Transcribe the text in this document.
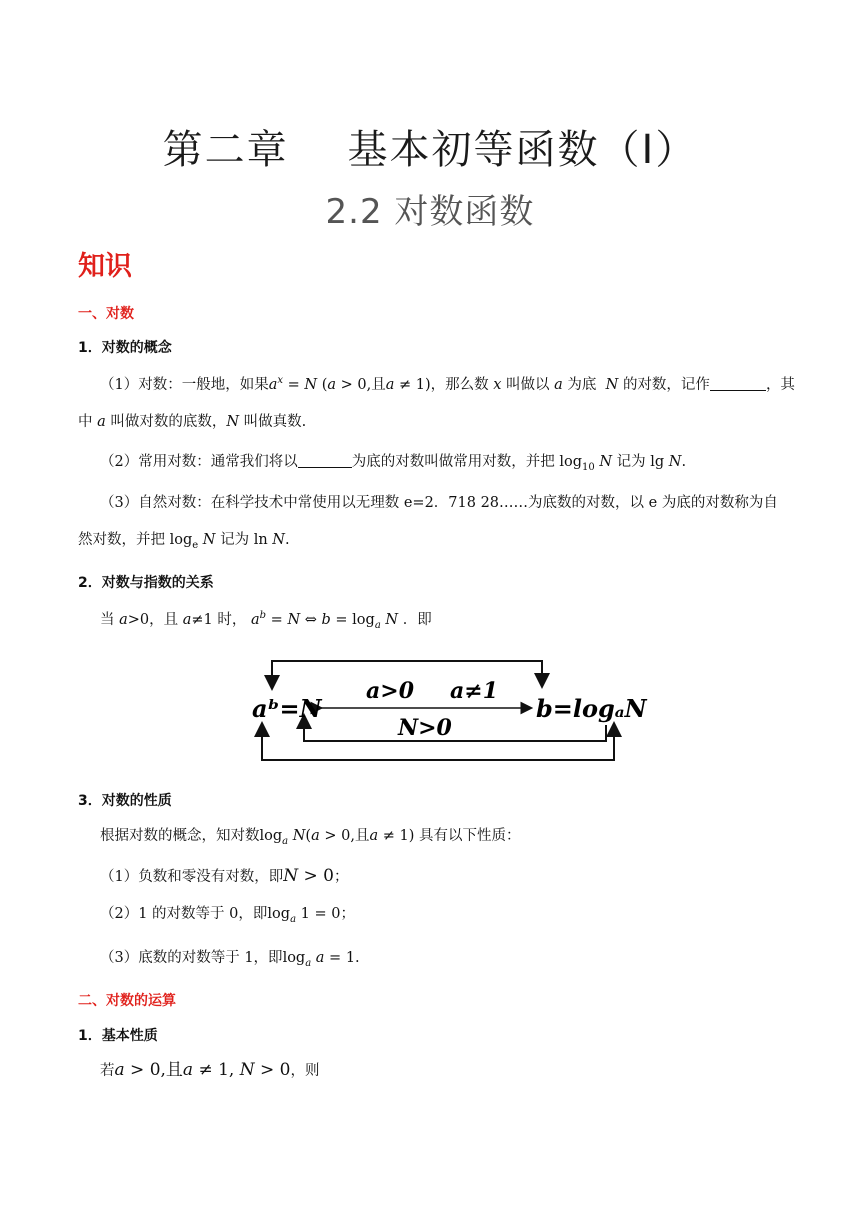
第二章    基本初等函数（Ⅰ）
2.2 对数函数
知识
一、对数
1．对数的概念
（1）对数：一般地，如果$a^x = N$ (a > 0,且a ≠ 1)，那么数 x 叫做以 a 为底 N 的对数，记作	，其
中 a 叫做对数的底数，N 叫做真数.
（2）常用对数：通常我们将以	为底的对数叫做常用对数，并把 $\log_{10} N$ 记为 lg N.
（3）自然对数：在科学技术中常使用以无理数 e=2．718 28……为底数的对数，以 e 为底的对数称为自
然对数，并把 $\log_e N$ 记为 ln N.
2．对数与指数的关系
当 a>0，且 a≠1 时， $a^b = N$ ⇔ $b = \log_a N$ ．即
aᵇ=N	b=logₐN
a>0 a≠1
N>0
3．对数的性质
根据对数的概念，知对数$\log_a N(a > 0$,且a ≠ 1) 具有以下性质：
（1）负数和零没有对数，即N > 0；
（2）1 的对数等于 0，即$\log_a 1 = 0$；
（3）底数的对数等于 1，即$\log_a a = 1$.
二、对数的运算
1．基本性质
若a > 0,且a ≠ 1, N > 0，则
